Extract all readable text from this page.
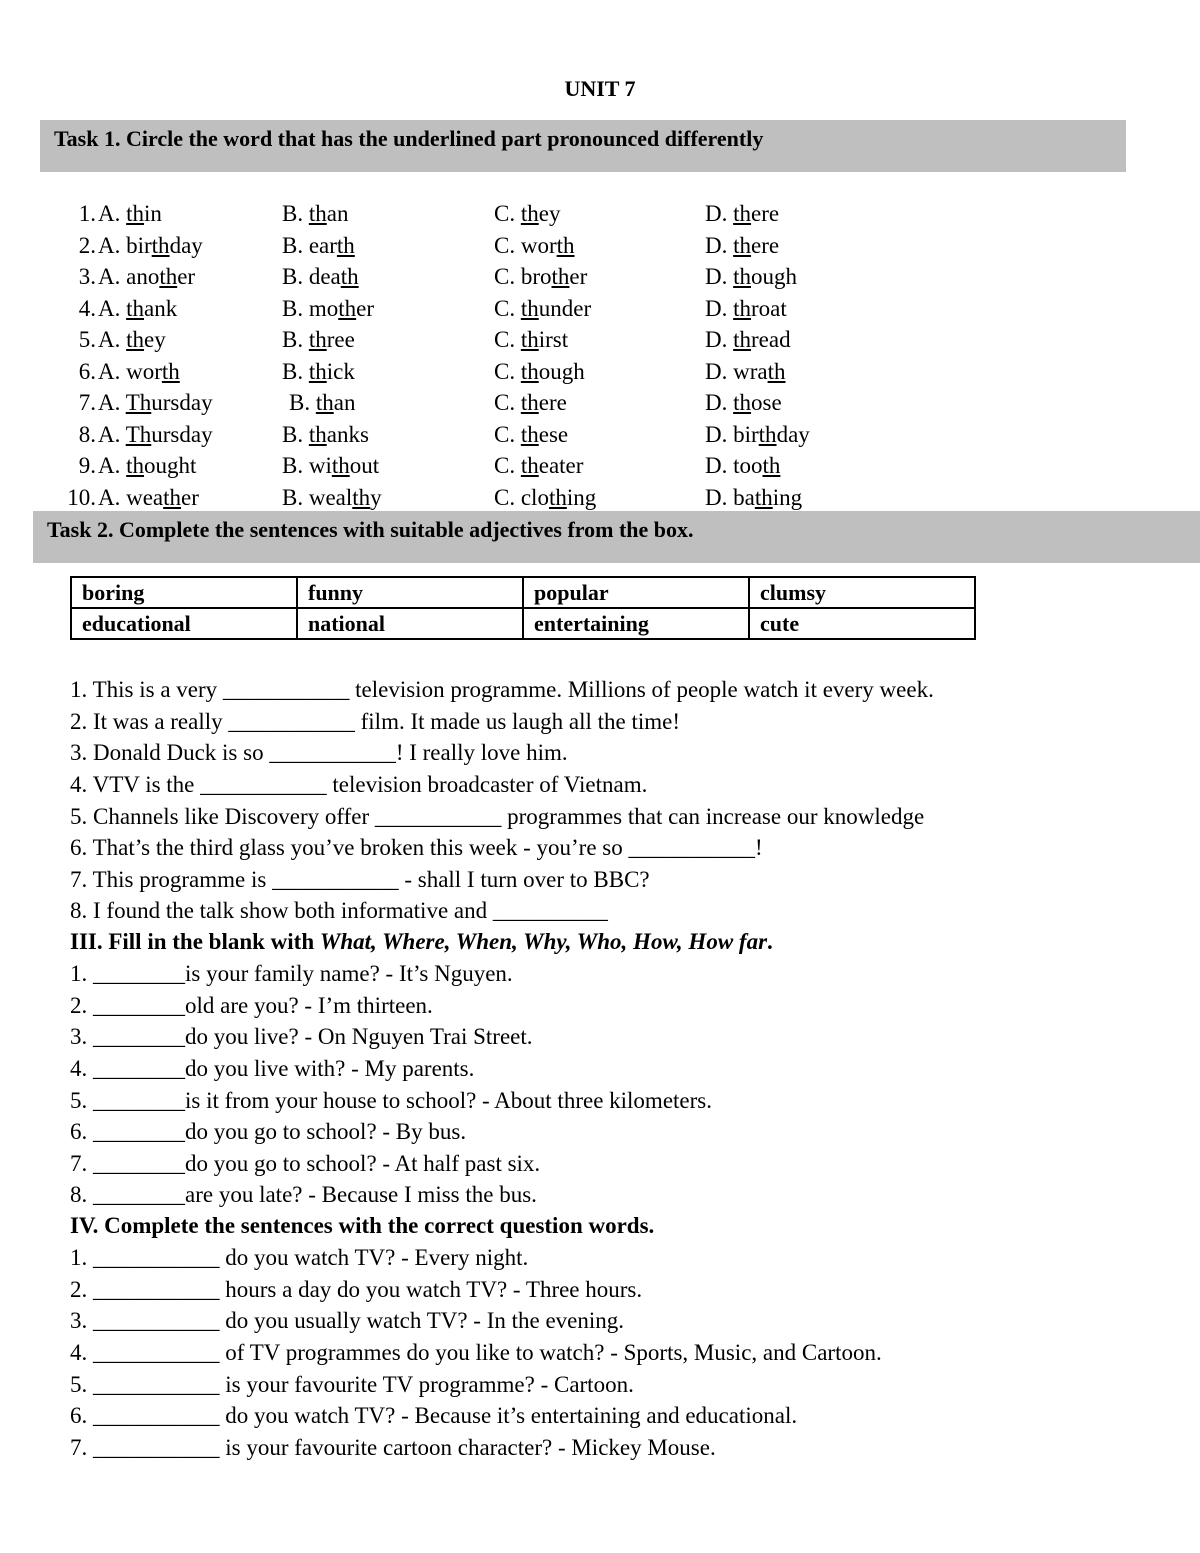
UNIT 7
Task 1. Circle the word that has the underlined part pronounced differently
1. A. thin	B. than	C. they	D. there
2. A. birthday	B. earth	C. worth	D. there
3. A. another	B. death	C. brother	D. though
4. A. thank	B. mother	C. thunder	D. throat
5. A. they	B. three	C. thirst	D. thread
6. A. worth	B. thick	C. though	D. wrath
7. A. Thursday	B. than	C. there	D. those
8. A. Thursday	B. thanks	C. these	D. birthday
9. A. thought	B. without	C. theater	D. tooth
10. A. weather	B. wealthy	C. clothing	D. bathing
Task 2. Complete the sentences with suitable adjectives from the box.
boring	funny	popular	clumsy
educational	national	entertaining	cute
1. This is a very ___________ television programme. Millions of people watch it every week.
2. It was a really ___________ film. It made us laugh all the time!
3. Donald Duck is so ___________! I really love him.
4. VTV is the ___________ television broadcaster of Vietnam.
5. Channels like Discovery offer ___________ programmes that can increase our knowledge
6. That’s the third glass you’ve broken this week - you’re so ___________!
7. This programme is ___________ - shall I turn over to BBC?
8. I found the talk show both informative and __________
III. Fill in the blank with What, Where, When, Why, Who, How, How far.
1. ________is your family name? - It’s Nguyen.
2. ________old are you? - I’m thirteen.
3. ________do you live? - On Nguyen Trai Street.
4. ________do you live with? - My parents.
5. ________is it from your house to school? - About three kilometers.
6. ________do you go to school? - By bus.
7. ________do you go to school? - At half past six.
8. ________are you late? - Because I miss the bus.
IV. Complete the sentences with the correct question words.
1. ___________ do you watch TV? - Every night.
2. ___________ hours a day do you watch TV? - Three hours.
3. ___________ do you usually watch TV? - In the evening.
4. ___________ of TV programmes do you like to watch? - Sports, Music, and Cartoon.
5. ___________ is your favourite TV programme? - Cartoon.
6. ___________ do you watch TV? - Because it’s entertaining and educational.
7. ___________ is your favourite cartoon character? - Mickey Mouse.
